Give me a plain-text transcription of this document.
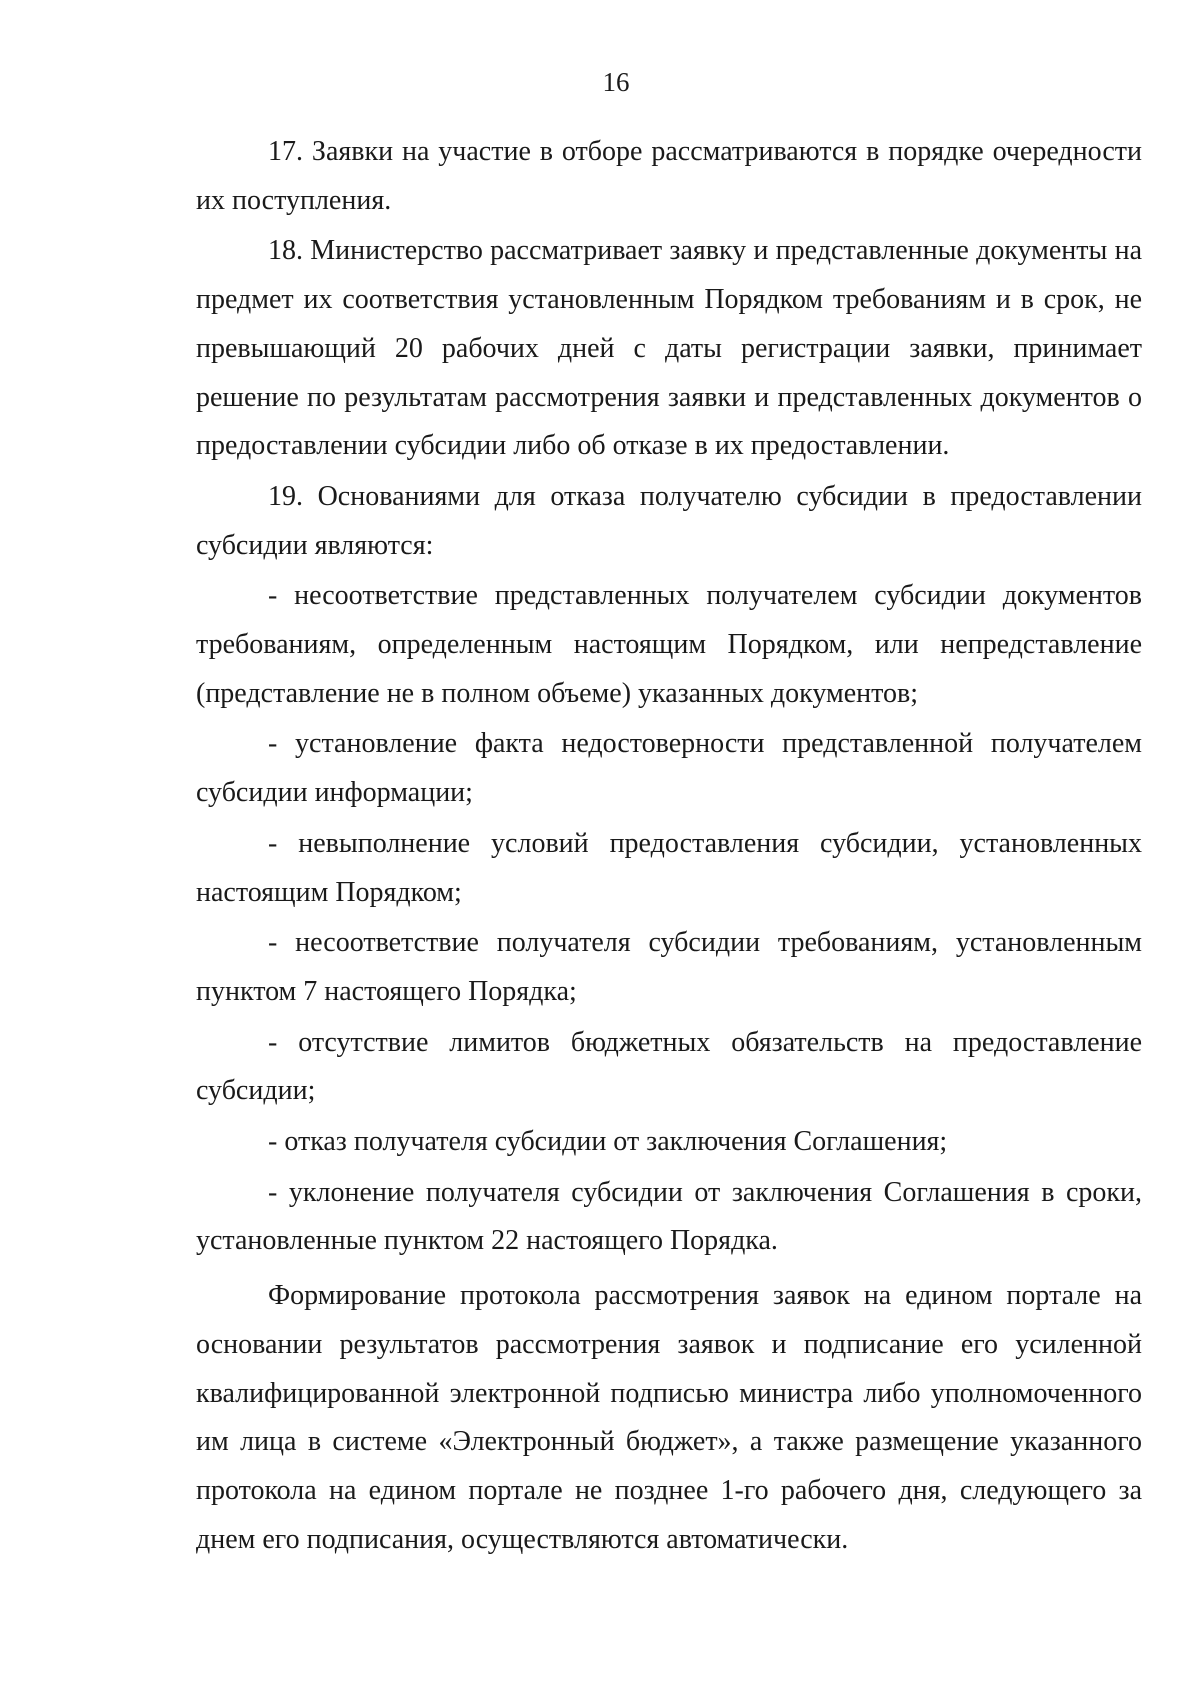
16

17. Заявки на участие в отборе рассматриваются в порядке очередности их поступления.

18. Министерство рассматривает заявку и представленные документы на предмет их соответствия установленным Порядком требованиям и в срок, не превышающий 20 рабочих дней с даты регистрации заявки, принимает решение по результатам рассмотрения заявки и представленных документов о предоставлении субсидии либо об отказе в их предоставлении.

19. Основаниями для отказа получателю субсидии в предоставлении субсидии являются:

- несоответствие представленных получателем субсидии документов требованиям, определенным настоящим Порядком, или непредставление (представление не в полном объеме) указанных документов;

- установление факта недостоверности представленной получателем субсидии информации;

- невыполнение условий предоставления субсидии, установленных настоящим Порядком;

- несоответствие получателя субсидии требованиям, установленным пунктом 7 настоящего Порядка;

- отсутствие лимитов бюджетных обязательств на предоставление субсидии;

- отказ получателя субсидии от заключения Соглашения;

- уклонение получателя субсидии от заключения Соглашения в сроки, установленные пунктом 22 настоящего Порядка.

Формирование протокола рассмотрения заявок на едином портале на основании результатов рассмотрения заявок и подписание его усиленной квалифицированной электронной подписью министра либо уполномоченного им лица в системе «Электронный бюджет», а также размещение указанного протокола на едином портале не позднее 1-го рабочего дня, следующего за днем его подписания, осуществляются автоматически.
